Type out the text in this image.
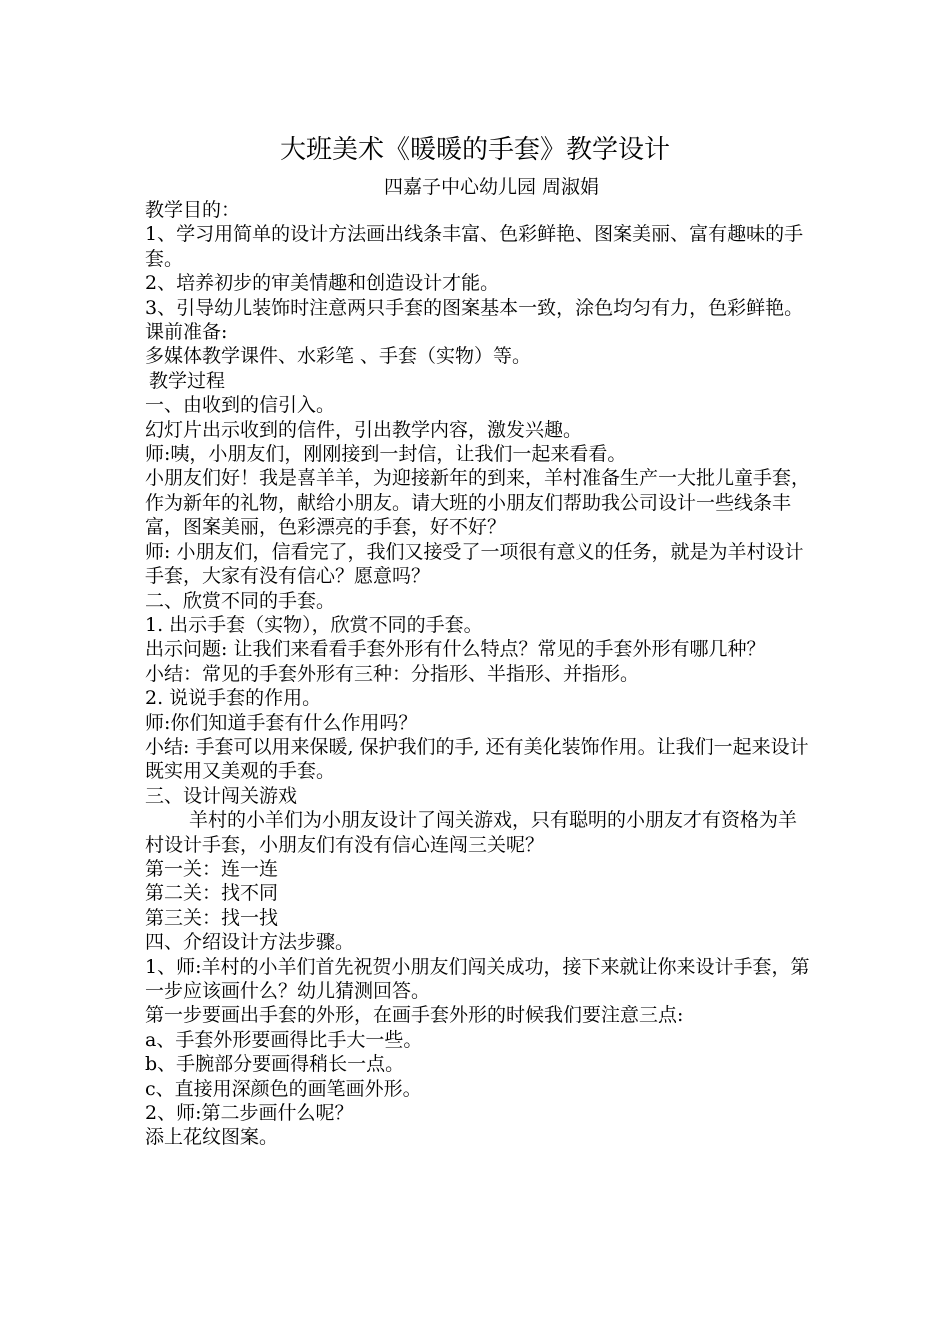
大班美术《暖暖的手套》教学设计
四嘉子中心幼儿园 周淑娟

教学目的：

1、学习用简单的设计方法画出线条丰富、色彩鲜艳、图案美丽、富有趣味的手套。

2、培养初步的审美情趣和创造设计才能。

3、引导幼儿装饰时注意两只手套的图案基本一致，涂色均匀有力，色彩鲜艳。

课前准备:

多媒体教学课件、水彩笔 、手套（实物）等。

教学过程

一、由收到的信引入。

幻灯片出示收到的信件，引出教学内容，激发兴趣。

师:咦，小朋友们，刚刚接到一封信，让我们一起来看看。

小朋友们好！我是喜羊羊，为迎接新年的到来，羊村准备生产一大批儿童手套，作为新年的礼物，献给小朋友。请大班的小朋友们帮助我公司设计一些线条丰富，图案美丽，色彩漂亮的手套，好不好？

师: 小朋友们，信看完了，我们又接受了一项很有意义的任务，就是为羊村设计手套，大家有没有信心？愿意吗？

二、欣赏不同的手套。

1. 出示手套（实物），欣赏不同的手套。

出示问题: 让我们来看看手套外形有什么特点？常见的手套外形有哪几种？

小结：常见的手套外形有三种：分指形、半指形、并指形。

2. 说说手套的作用。

师:你们知道手套有什么作用吗？

小结: 手套可以用来保暖, 保护我们的手, 还有美化装饰作用。让我们一起来设计既实用又美观的手套。

三、设计闯关游戏

羊村的小羊们为小朋友设计了闯关游戏，只有聪明的小朋友才有资格为羊村设计手套，小朋友们有没有信心连闯三关呢？

第一关：连一连

第二关：找不同

第三关：找一找

四、介绍设计方法步骤。

1、师:羊村的小羊们首先祝贺小朋友们闯关成功，接下来就让你来设计手套，第一步应该画什么？幼儿猜测回答。

第一步要画出手套的外形，在画手套外形的时候我们要注意三点:

a、手套外形要画得比手大一些。

b、手腕部分要画得稍长一点。

c、直接用深颜色的画笔画外形。

2、师:第二步画什么呢？

添上花纹图案。
